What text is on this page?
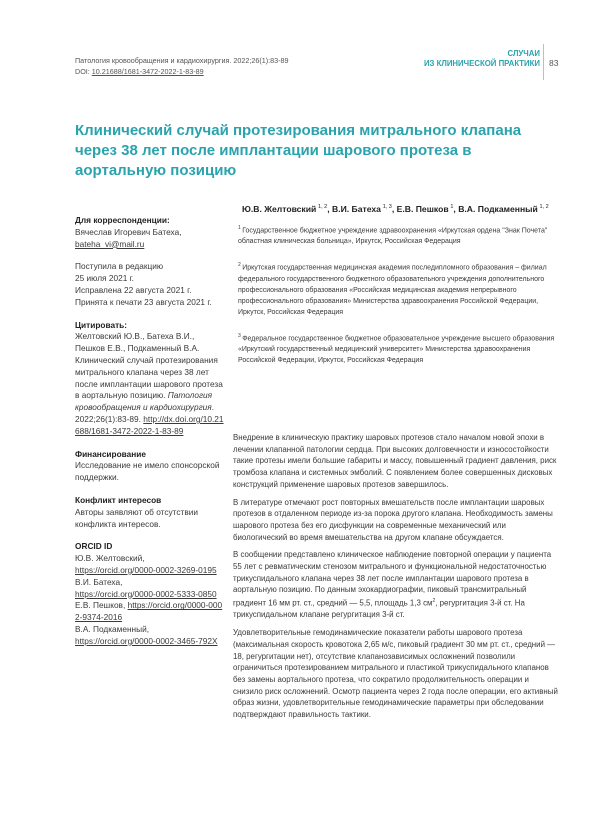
Патология кровообращения и кардиохирургия. 2022;26(1):83-89
DOI: 10.21688/1681-3472-2022-1-83-89
СЛУЧАИ
ИЗ КЛИНИЧЕСКОЙ ПРАКТИКИ 83
Клинический случай протезирования митрального клапана через 38 лет после имплантации шарового протеза в аортальную позицию
Для корреспонденции:
Вячеслав Игоревич Батеха,
bateha_vi@mail.ru
Поступила в редакцию
25 июля 2021 г.
Исправлена 22 августа 2021 г.
Принята к печати 23 августа 2021 г.
Цитировать:
Желтовский Ю.В., Батеха В.И., Пешков Е.В., Подкаменный В.А. Клинический случай протезирования митрального клапана через 38 лет после имплантации шарового протеза в аортальную позицию. Патология кровообращения и кардиохирургия. 2022;26(1):83-89. http://dx.doi.org/10.21688/1681-3472-2022-1-83-89
Финансирование
Исследование не имело спонсорской поддержки.
Конфликт интересов
Авторы заявляют об отсутствии конфликта интересов.
ORCID ID
Ю.В. Желтовский,
https://orcid.org/0000-0002-3269-0195
В.И. Батеха,
https://orcid.org/0000-0002-5333-0850
Е.В. Пешков, https://orcid.org/0000-0002-9374-2016
В.А. Подкаменный,
https://orcid.org/0000-0002-3465-792X
Ю.В. Желтовский  $^{1, 2}$, В.И. Батеха  $^{1, 3}$, Е.В. Пешков  $^1$, В.А. Подкаменный  $^{1, 2}$
$^1$ Государственное бюджетное учреждение здравоохранения «Иркутская ордена "Знак Почета" областная клиническая больница», Иркутск, Российская Федерация
$^2$ Иркутская государственная медицинская академия последипломного образования – филиал федерального государственного бюджетного образовательного учреждения дополнительного профессионального образования «Российская медицинская академия непрерывного профессионального образования» Министерства здравоохранения Российской Федерации, Иркутск, Российская Федерация
$^3$ Федеральное государственное бюджетное образовательное учреждение высшего образования «Иркутский государственный медицинский университет» Министерства здравоохранения Российской Федерации, Иркутск, Российская Федерация

Внедрение в клиническую практику шаровых протезов стало началом новой эпохи в лечении клапанной патологии сердца. При высоких долговечности и износостойкости такие протезы имели большие габариты и массу, повышенный градиент давления, риск тромбоза клапана и системных эмболий. С появлением более совершенных дисковых конструкций применение шаровых протезов завершилось.

В литературе отмечают рост повторных вмешательств после имплантации шаровых протезов в отдаленном периоде из-за порока другого клапана. Необходимость замены шарового протеза без его дисфункции на современные механический или биологический во время вмешательства на другом клапане обсуждается.

В сообщении представлено клиническое наблюдение повторной операции у пациента 55 лет с ревматическим стенозом митрального и функциональной недостаточностью трикуспидального клапана через 38 лет после имплантации шарового протеза в аортальную позицию. По данным эхокардиографии, пиковый трансмитральный градиент 16 мм рт. ст., средний — 5,5, площадь 1,3 $см^2$, регургитация 3-й ст. На трикуспидальном клапане регургитация 3-й ст.

Удовлетворительные гемодинамические показатели работы шарового протеза (максимальная скорость кровотока 2,65 м/с, пиковый градиент 30 мм рт. ст., средний — 18, регургитации нет), отсутствие клапанозависимых осложнений позволили ограничиться протезированием митрального и пластикой трикуспидального клапанов без замены аортального протеза, что сократило продолжительность операции и снизило риск осложнений. Осмотр пациента через 2 года после операции, его активный образ жизни, удовлетворительные гемодинамические параметры при обследовании подтверждают правильность тактики.
